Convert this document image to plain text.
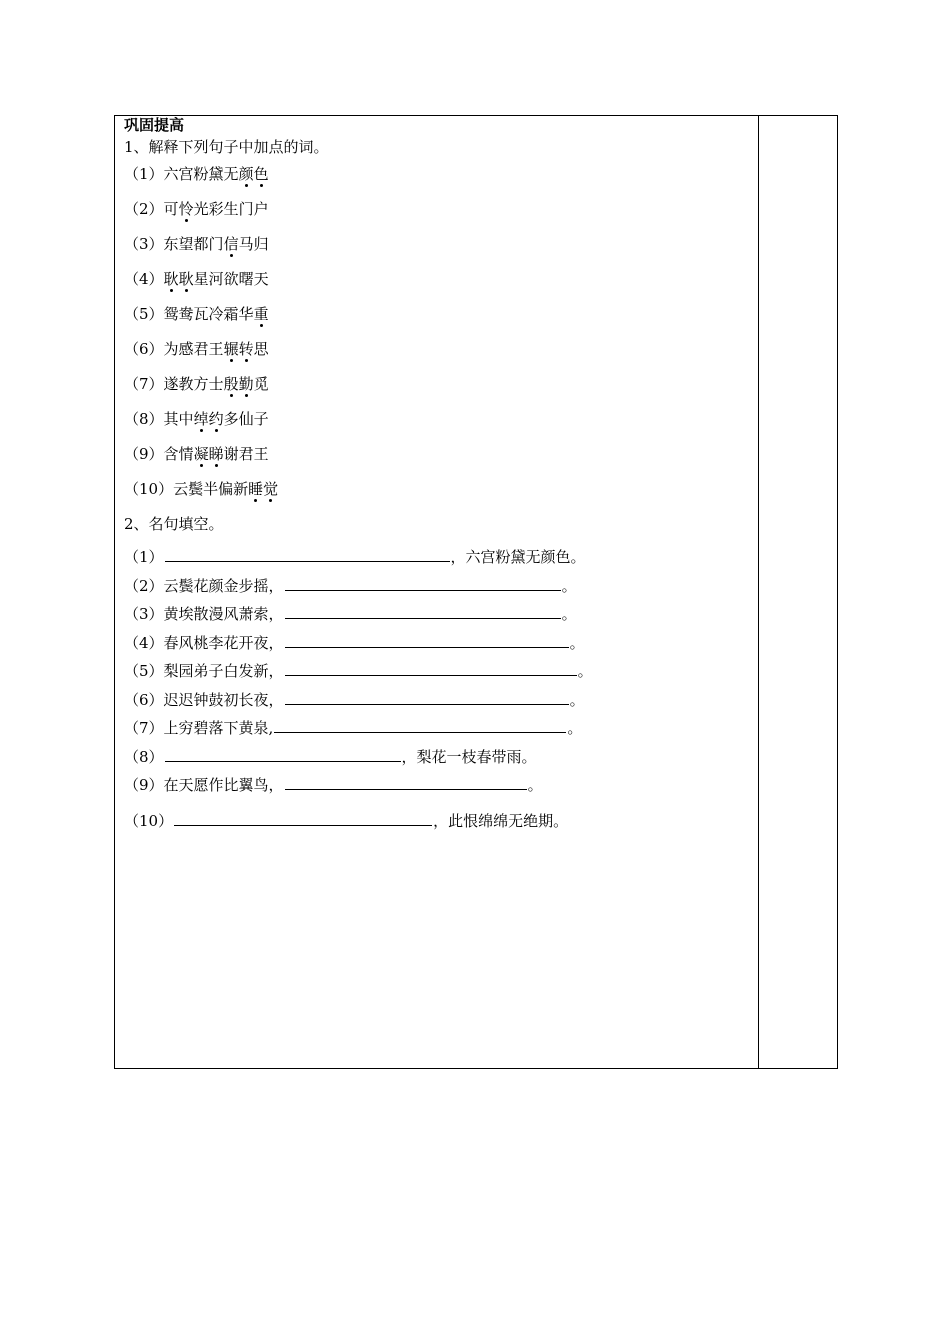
巩固提高
1、解释下列句子中加点的词。
（1）六宫粉黛无颜色
（2）可怜光彩生门户
（3）东望都门信马归
（4）耿耿星河欲曙天
（5）鸳鸯瓦冷霜华重
（6）为感君王辗转思
（7）遂教方士殷勤觅
（8）其中绰约多仙子
（9）含情凝睇谢君王
（10）云鬓半偏新睡觉
2、名句填空。
（1）	，六宫粉黛无颜色。
（2）云鬓花颜金步摇，	。
（3）黄埃散漫风萧索，	。
（4）春风桃李花开夜，	。
（5）梨园弟子白发新，	。
（6）迟迟钟鼓初长夜，	。
（7）上穷碧落下黄泉,	。
（8）	，梨花一枝春带雨。
（9）在天愿作比翼鸟，	。
（10）	，此恨绵绵无绝期。
